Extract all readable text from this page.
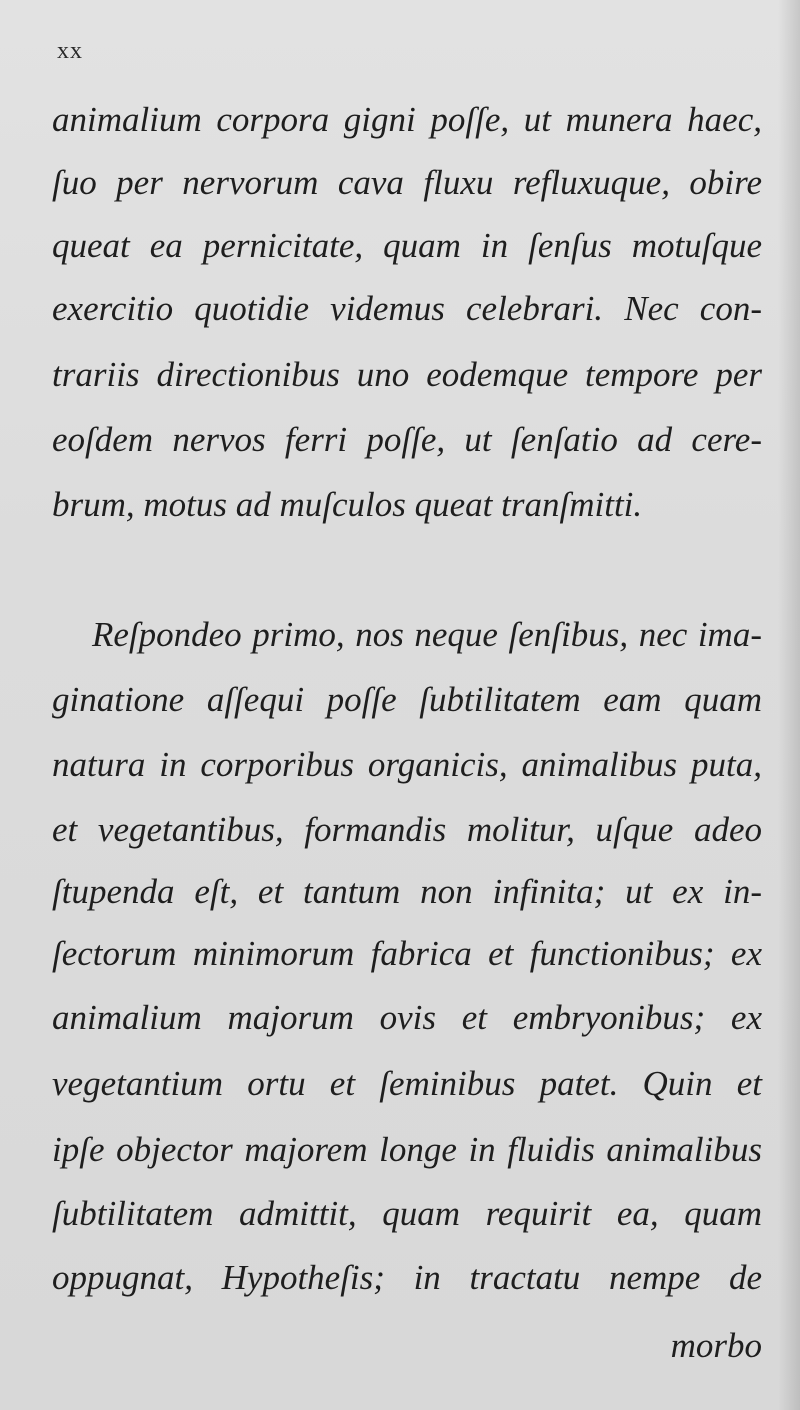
xx
animalium corpora gigni poſſe, ut munera haec,
ſuo per nervorum cava fluxu refluxuque, obire
queat ea pernicitate, quam in ſenſus motuſque
exercitio quotidie videmus celebrari. Nec con-
trariis directionibus uno eodemque tempore per
eoſdem nervos ferri poſſe, ut ſenſatio ad cere-
brum, motus ad muſculos queat tranſmitti.
Reſpondeo primo, nos neque ſenſibus, nec ima-
ginatione aſſequi poſſe ſubtilitatem eam quam
natura in corporibus organicis, animalibus puta,
et vegetantibus, formandis molitur, uſque adeo
ſtupenda eſt, et tantum non infinita; ut ex in-
ſectorum minimorum fabrica et functionibus; ex
animalium majorum ovis et embryonibus; ex
vegetantium ortu et ſeminibus patet. Quin et
ipſe objector majorem longe in fluidis animalibus
ſubtilitatem admittit, quam requirit ea, quam
oppugnat, Hypotheſis; in tractatu nempe de
morbo
